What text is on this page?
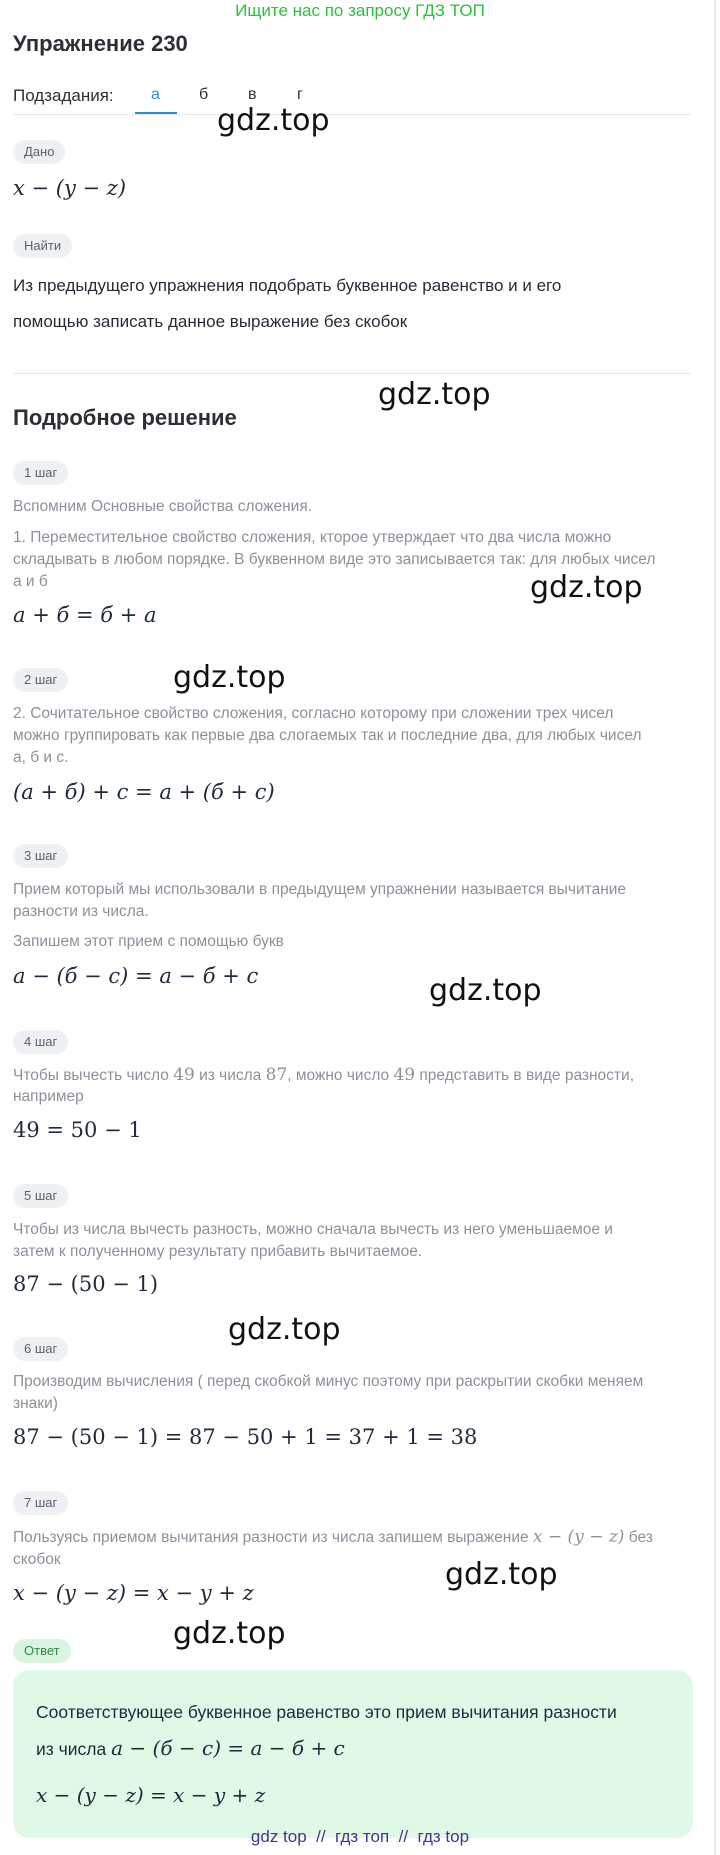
Ищите нас по запросу ГДЗ ТОП
Упражнение 230
Подзадания: а б в	г
Дано
x − (y − z)
Найти
Из предыдущего упражнения подобрать буквенное равенство и и его
помощью записать данное выражение без скобок
Подробное решение
1 шаг
Вспомним Основные свойства сложения.
1. Переместительное свойство сложения, кторое утверждает что два числа можно
складывать в любом порядке. В буквенном виде это записывается так: для любых чисел
а и б
a + б = б + a
2 шаг
2. Сочитательное свойство сложения, согласно которому при сложении трех чисел
можно группировать как первые два слогаемых так и последние два, для любых чисел
а, б и с.
(a + б) + c = a + (б + c)
3 шаг
Прием который мы использовали в предыдущем упражнении называется вычитание
разности из числа.
Запишем этот прием с помощью букв
a − (б − c) = a − б + c
4 шаг
Чтобы вычесть число 49 из числа 87, можно число 49 представить в виде разности,
например
49 = 50 − 1
5 шаг
Чтобы из числа вычесть разность, можно сначала вычесть из него уменьшаемое и
затем к полученному результату прибавить вычитаемое.
87 − (50 − 1)
6 шаг
Производим вычисления ( перед скобкой минус поэтому при раскрытии скобки меняем
знаки)
87 − (50 − 1) = 87 − 50 + 1 = 37 + 1 = 38
7 шаг
Пользуясь приемом вычитания разности из числа запишем выражение x − (y − z) без
скобок
x − (y − z) = x − y + z
Ответ
Соответствующее буквенное равенство это прием вычитания разности
из числа a − (б − c) = a − б + c
x − (y − z) = x − y + z
gdz.top
gdz.top
gdz.top
gdz.top
gdz.top
gdz.top
gdz.top
gdz.top
gdz top // гдз топ // гдз top
